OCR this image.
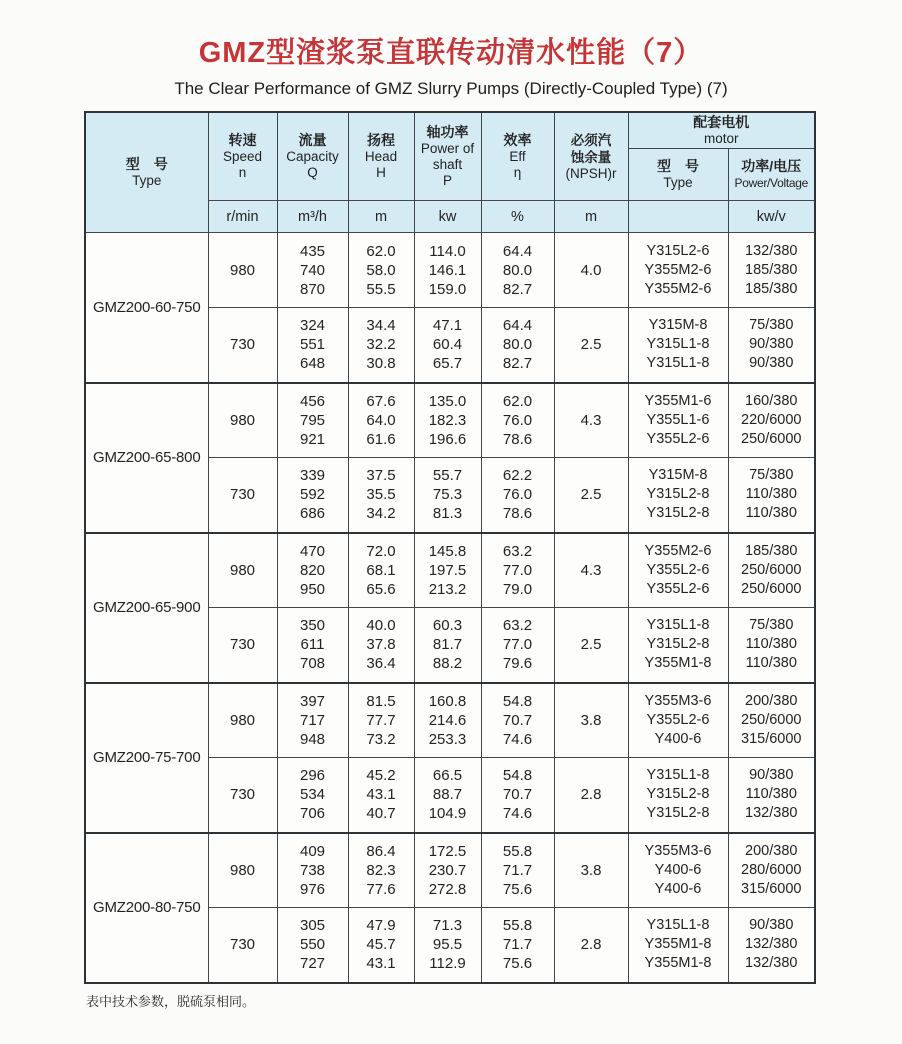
GMZ型渣浆泵直联传动清水性能（7）
The Clear Performance of GMZ Slurry Pumps (Directly-Coupled Type) (7)
型　号
Type	转速
Speed
n	流量
Capacity
Q	扬程
Head
H	轴功率
Power of
shaft
P	效率
Eff
η	必须汽
蚀余量
(NPSH)r	配套电机
motor	

							型　号
Type	功率/电压
Power/Voltage

	r/min	m³/h	m	kw	%	m		kw/v
GMZ200-60-750	980	435
740
870	62.0
58.0
55.5	114.0
146.1
159.0	64.4
80.0
82.7	4.0	Y315L2-6
Y355M2-6
Y355M2-6	132/380
185/380
185/380

	730	324
551
648	34.4
32.2
30.8	47.1
60.4
65.7	64.4
80.0
82.7	2.5	Y315M-8
Y315L1-8
Y315L1-8	75/380
90/380
90/380

GMZ200-65-800	980	456
795
921	67.6
64.0
61.6	135.0
182.3
196.6	62.0
76.0
78.6	4.3	Y355M1-6
Y355L1-6
Y355L2-6	160/380
220/6000
250/6000

	730	339
592
686	37.5
35.5
34.2	55.7
75.3
81.3	62.2
76.0
78.6	2.5	Y315M-8
Y315L2-8
Y315L2-8	75/380
110/380
110/380

GMZ200-65-900	980	470
820
950	72.0
68.1
65.6	145.8
197.5
213.2	63.2
77.0
79.0	4.3	Y355M2-6
Y355L2-6
Y355L2-6	185/380
250/6000
250/6000

	730	350
611
708	40.0
37.8
36.4	60.3
81.7
88.2	63.2
77.0
79.6	2.5	Y315L1-8
Y315L2-8
Y355M1-8	75/380
110/380
110/380

GMZ200-75-700	980	397
717
948	81.5
77.7
73.2	160.8
214.6
253.3	54.8
70.7
74.6	3.8	Y355M3-6
Y355L2-6
Y400-6	200/380
250/6000
315/6000

	730	296
534
706	45.2
43.1
40.7	66.5
88.7
104.9	54.8
70.7
74.6	2.8	Y315L1-8
Y315L2-8
Y315L2-8	90/380
110/380
132/380

GMZ200-80-750	980	409
738
976	86.4
82.3
77.6	172.5
230.7
272.8	55.8
71.7
75.6	3.8	Y355M3-6
Y400-6
Y400-6	200/380
280/6000
315/6000

	730	305
550
727	47.9
45.7
43.1	71.3
95.5
112.9	55.8
71.7
75.6	2.8	Y315L1-8
Y355M1-8
Y355M1-8	90/380
132/380
132/380
表中技术参数，脱硫泵相同。
